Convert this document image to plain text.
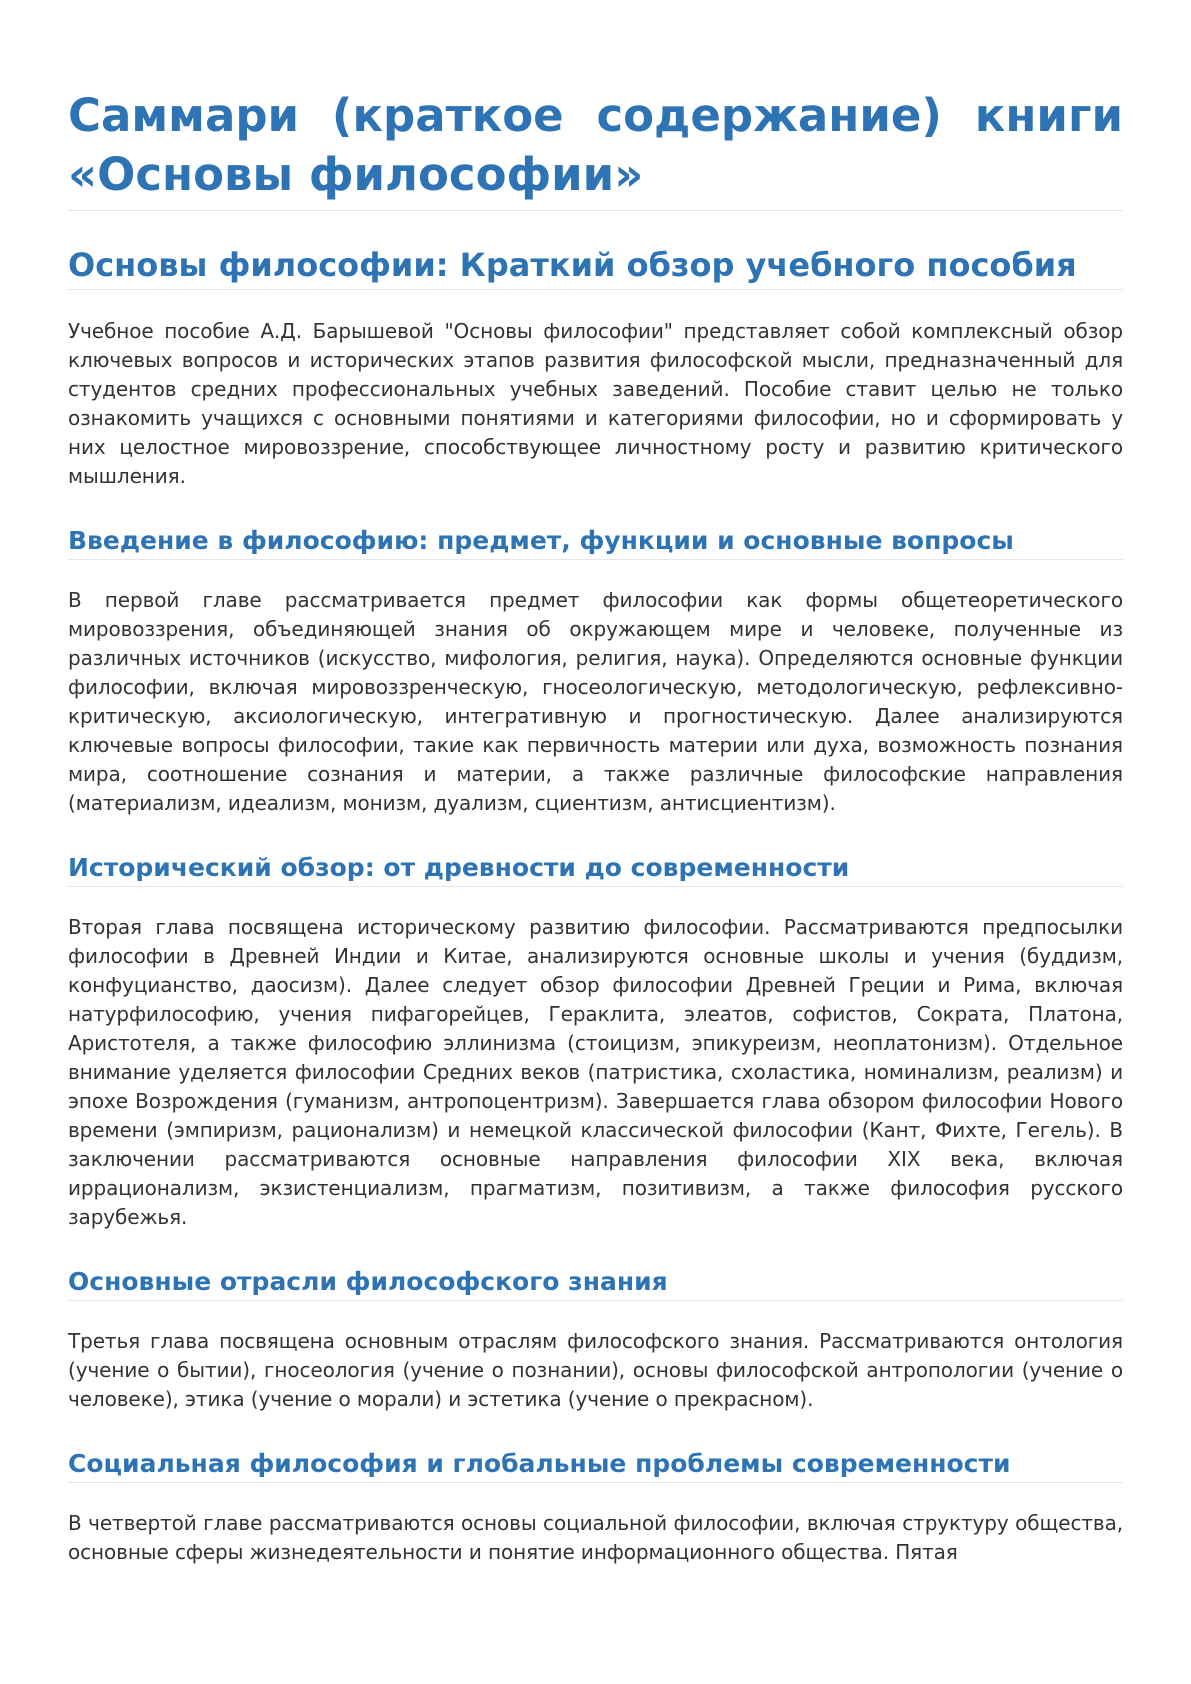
Саммари (краткое содержание) книги «Основы философии»
Основы философии: Краткий обзор учебного пособия

Учебное пособие А.Д. Барышевой "Основы философии" представляет собой комплексный обзор ключевых вопросов и исторических этапов развития философской мысли, предназначенный для студентов средних профессиональных учебных заведений. Пособие ставит целью не только ознакомить учащихся с основными понятиями и категориями философии, но и сформировать у них целостное мировоззрение, способствующее личностному росту и развитию критического мышления.

Введение в философию: предмет, функции и основные вопросы

В первой главе рассматривается предмет философии как формы общетеоретического мировоззрения, объединяющей знания об окружающем мире и человеке, полученные из различных источников (искусство, мифология, религия, наука). Определяются основные функции философии, включая мировоззренческую, гносеологическую, методологическую, рефлексивно-критическую, аксиологическую, интегративную и прогностическую. Далее анализируются ключевые вопросы философии, такие как первичность материи или духа, возможность познания мира, соотношение сознания и материи, а также различные философские направления (материализм, идеализм, монизм, дуализм, сциентизм, антисциентизм).

Исторический обзор: от древности до современности

Вторая глава посвящена историческому развитию философии. Рассматриваются предпосылки философии в Древней Индии и Китае, анализируются основные школы и учения (буддизм, конфуцианство, даосизм). Далее следует обзор философии Древней Греции и Рима, включая натурфилософию, учения пифагорейцев, Гераклита, элеатов, софистов, Сократа, Платона, Аристотеля, а также философию эллинизма (стоицизм, эпикуреизм, неоплатонизм). Отдельное внимание уделяется философии Средних веков (патристика, схоластика, номинализм, реализм) и эпохе Возрождения (гуманизм, антропоцентризм). Завершается глава обзором философии Нового времени (эмпиризм, рационализм) и немецкой классической философии (Кант, Фихте, Гегель). В заключении рассматриваются основные направления философии XIX века, включая иррационализм, экзистенциализм, прагматизм, позитивизм, а также философия русского зарубежья.

Основные отрасли философского знания

Третья глава посвящена основным отраслям философского знания. Рассматриваются онтология (учение о бытии), гносеология (учение о познании), основы философской антропологии (учение о человеке), этика (учение о морали) и эстетика (учение о прекрасном).

Социальная философия и глобальные проблемы современности

В четвертой главе рассматриваются основы социальной философии, включая структуру общества, основные сферы жизнедеятельности и понятие информационного общества. Пятая
